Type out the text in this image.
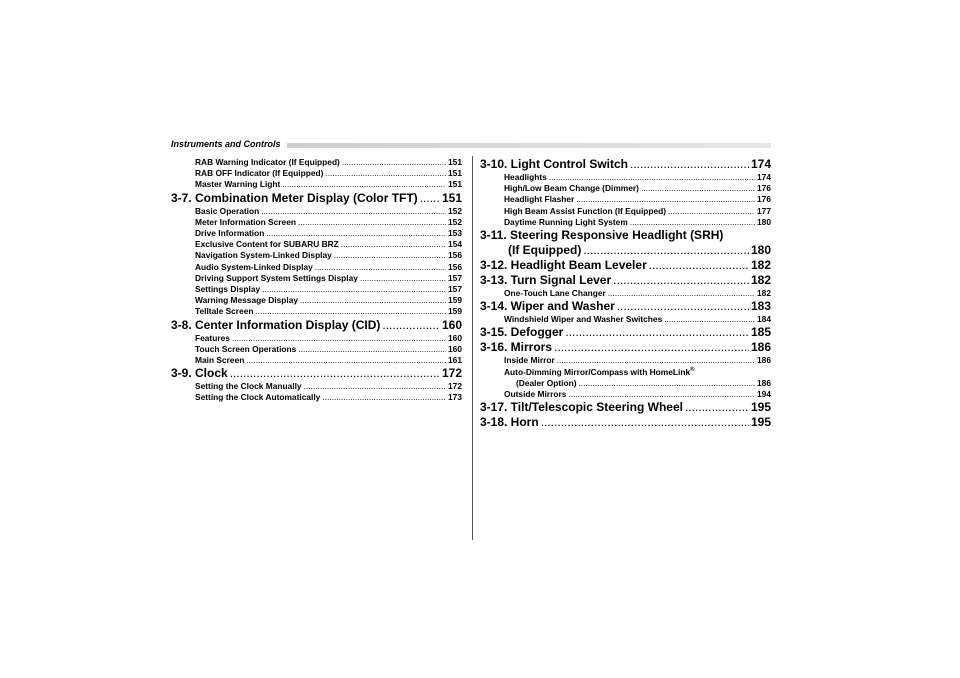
Instruments and Controls
RAB Warning Indicator (If Equipped) .....	151
RAB OFF Indicator (If Equipped) .....	151
Master Warning Light .....	151
3-7. Combination Meter Display (Color TFT) ..... 151
Basic Operation .....	152
Meter Information Screen .....	152
Drive Information .....	153
Exclusive Content for SUBARU BRZ .....	154
Navigation System-Linked Display .....	156
Audio System-Linked Display .....	156
Driving Support System Settings Display .....	157
Settings Display .....	157
Warning Message Display .....	159
Telltale Screen .....	159
3-8. Center Information Display (CID) .....	160
Features .....	160
Touch Screen Operations .....	160
Main Screen .....	161
3-9. Clock .....	172
Setting the Clock Manually .....	172
Setting the Clock Automatically .....	173
3-10. Light Control Switch .....	174
Headlights .....	174
High/Low Beam Change (Dimmer) .....	176
Headlight Flasher .....	176
High Beam Assist Function (If Equipped) .....	177
Daytime Running Light System .....	180
3-11. Steering Responsive Headlight (SRH)
(If Equipped) .....	180
3-12. Headlight Beam Leveler .....	182
3-13. Turn Signal Lever .....	182
One-Touch Lane Changer .....	182
3-14. Wiper and Washer .....	183
Windshield Wiper and Washer Switches .....	184
3-15. Defogger .....	185
3-16. Mirrors .....	186
Inside Mirror .....	186
Auto-Dimming Mirror/Compass with HomeLink®
(Dealer Option) .....	186
Outside Mirrors .....	194
3-17. Tilt/Telescopic Steering Wheel .....	195
3-18. Horn .....	195
